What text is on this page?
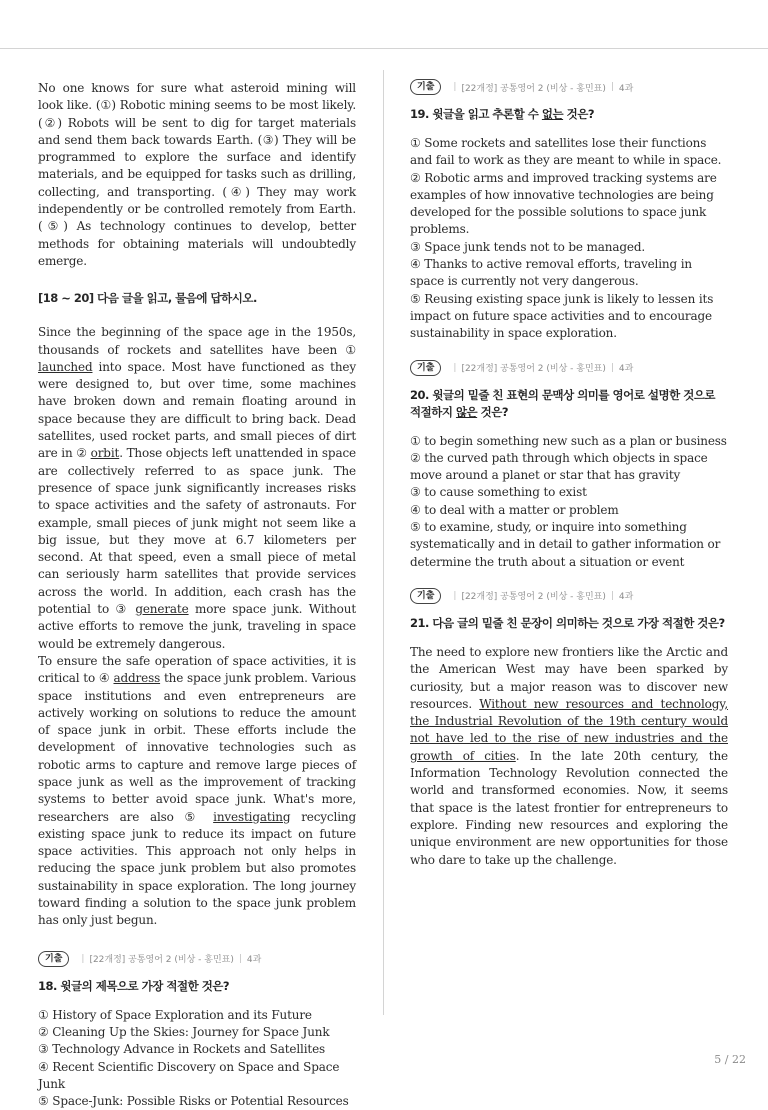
No one knows for sure what asteroid mining will look like. (①) Robotic mining seems to be most likely. (②) Robots will be sent to dig for target materials and send them back towards Earth. (③) They will be programmed to explore the surface and identify materials, and be equipped for tasks such as drilling, collecting, and transporting. (④) They may work independently or be controlled remotely from Earth. (⑤) As technology continues to develop, better methods for obtaining materials will undoubtedly emerge.

[18 ~ 20] 다음 글을 읽고, 물음에 답하시오.

Since the beginning of the space age in the 1950s, thousands of rockets and satellites have been ① launched into space. Most have functioned as they were designed to, but over time, some machines have broken down and remain floating around in space because they are difficult to bring back. Dead satellites, used rocket parts, and small pieces of dirt are in ② orbit. Those objects left unattended in space are collectively referred to as space junk. The presence of space junk significantly increases risks to space activities and the safety of astronauts. For example, small pieces of junk might not seem like a big issue, but they move at 6.7 kilometers per second. At that speed, even a small piece of metal can seriously harm satellites that provide services across the world. In addition, each crash has the potential to ③ generate more space junk. Without active efforts to remove the junk, traveling in space would be extremely dangerous.

To ensure the safe operation of space activities, it is critical to ④ address the space junk problem. Various space institutions and even entrepreneurs are actively working on solutions to reduce the amount of space junk in orbit. These efforts include the development of innovative technologies such as robotic arms to capture and remove large pieces of space junk as well as the improvement of tracking systems to better avoid space junk. What's more, researchers are also ⑤ investigating recycling existing space junk to reduce its impact on future space activities. This approach not only helps in reducing the space junk problem but also promotes sustainability in space exploration. The long journey toward finding a solution to the space junk problem has only just begun.

기출	| [22개정] 공통영어 2 (비상 - 홍민표) | 4과
18. 윗글의 제목으로 가장 적절한 것은?
① History of Space Exploration and its Future
② Cleaning Up the Skies: Journey for Space Junk
③ Technology Advance in Rockets and Satellites
④ Recent Scientific Discovery on Space and Space Junk
⑤ Space-Junk: Possible Risks or Potential Resources
기출	| [22개정] 공통영어 2 (비상 - 홍민표) | 4과
19. 윗글을 읽고 추론할 수 없는 것은?
① Some rockets and satellites lose their functions and fail to work as they are meant to while in space.
② Robotic arms and improved tracking systems are examples of how innovative technologies are being developed for the possible solutions to space junk problems.
③ Space junk tends not to be managed.
④ Thanks to active removal efforts, traveling in space is currently not very dangerous.
⑤ Reusing existing space junk is likely to lessen its impact on future space activities and to encourage sustainability in space exploration.
기출	| [22개정] 공통영어 2 (비상 - 홍민표) | 4과
20. 윗글의 밑줄 친 표현의 문맥상 의미를 영어로 설명한 것으로 적절하지 않은 것은?
① to begin something new such as a plan or business
② the curved path through which objects in space move around a planet or star that has gravity
③ to cause something to exist
④ to deal with a matter or problem
⑤ to examine, study, or inquire into something systematically and in detail to gather information or determine the truth about a situation or event
기출	| [22개정] 공통영어 2 (비상 - 홍민표) | 4과
21. 다음 글의 밑줄 친 문장이 의미하는 것으로 가장 적절한 것은?

The need to explore new frontiers like the Arctic and the American West may have been sparked by curiosity, but a major reason was to discover new resources. Without new resources and technology, the Industrial Revolution of the 19th century would not have led to the rise of new industries and the growth of cities. In the late 20th century, the Information Technology Revolution connected the world and transformed economies. Now, it seems that space is the latest frontier for entrepreneurs to explore. Finding new resources and exploring the unique environment are new opportunities for those who dare to take up the challenge.

5 / 22
